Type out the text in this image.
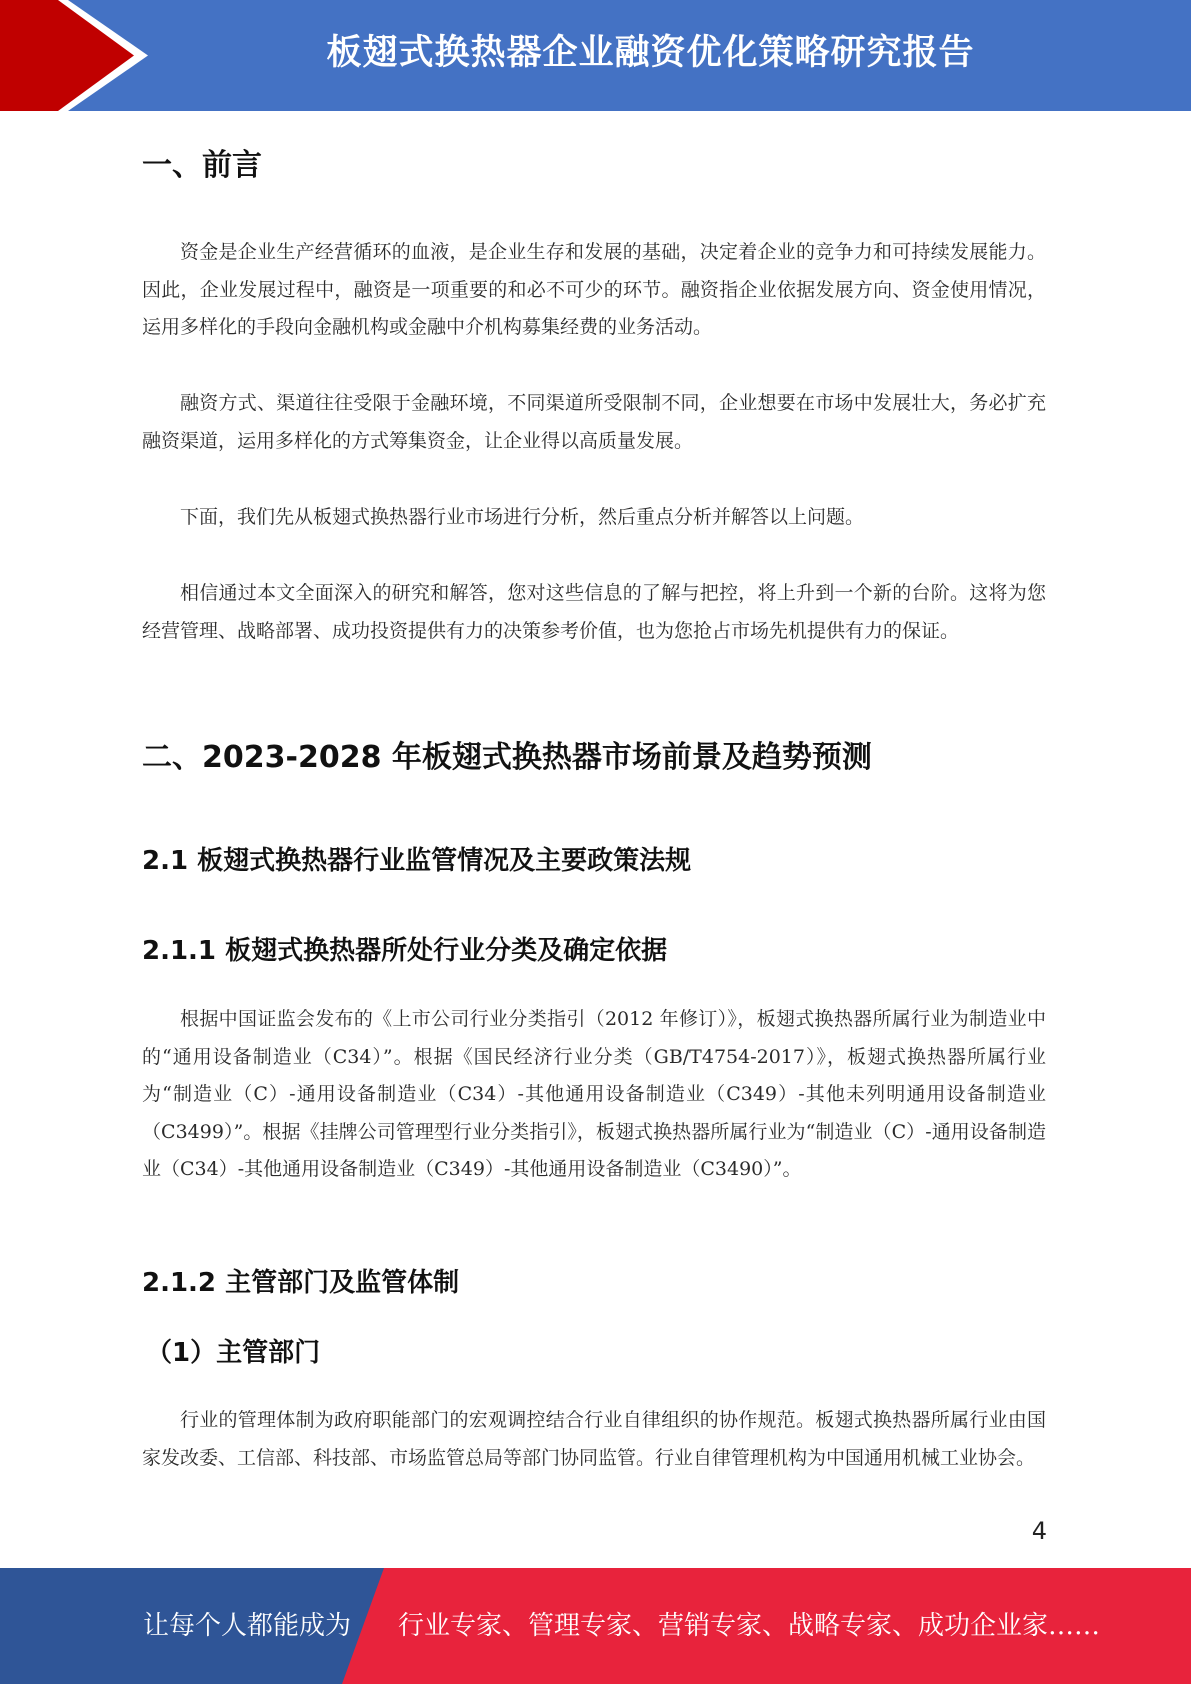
板翅式换热器企业融资优化策略研究报告
一、前言

资金是企业生产经营循环的血液，是企业生存和发展的基础，决定着企业的竞争力和可持续发展能力。因此，企业发展过程中，融资是一项重要的和必不可少的环节。融资指企业依据发展方向、资金使用情况，运用多样化的手段向金融机构或金融中介机构募集经费的业务活动。

融资方式、渠道往往受限于金融环境，不同渠道所受限制不同，企业想要在市场中发展壮大，务必扩充融资渠道，运用多样化的方式筹集资金，让企业得以高质量发展。

下面，我们先从板翅式换热器行业市场进行分析，然后重点分析并解答以上问题。

相信通过本文全面深入的研究和解答，您对这些信息的了解与把控，将上升到一个新的台阶。这将为您经营管理、战略部署、成功投资提供有力的决策参考价值，也为您抢占市场先机提供有力的保证。

二、2023-2028 年板翅式换热器市场前景及趋势预测
2.1 板翅式换热器行业监管情况及主要政策法规
2.1.1 板翅式换热器所处行业分类及确定依据

根据中国证监会发布的《上市公司行业分类指引（2012 年修订）》，板翅式换热器所属行业为制造业中的“通用设备制造业（C34）”。根据《国民经济行业分类（GB/T4754-2017）》，板翅式换热器所属行业为“制造业（C）-通用设备制造业（C34）-其他通用设备制造业（C349）-其他未列明通用设备制造业（C3499）”。根据《挂牌公司管理型行业分类指引》，板翅式换热器所属行业为“制造业（C）-通用设备制造业（C34）-其他通用设备制造业（C349）-其他通用设备制造业（C3490）”。

2.1.2 主管部门及监管体制
（1）主管部门

行业的管理体制为政府职能部门的宏观调控结合行业自律组织的协作规范。板翅式换热器所属行业由国家发改委、工信部、科技部、市场监管总局等部门协同监管。行业自律管理机构为中国通用机械工业协会。

4
让每个人都能成为 行业专家、管理专家、营销专家、战略专家、成功企业家……
